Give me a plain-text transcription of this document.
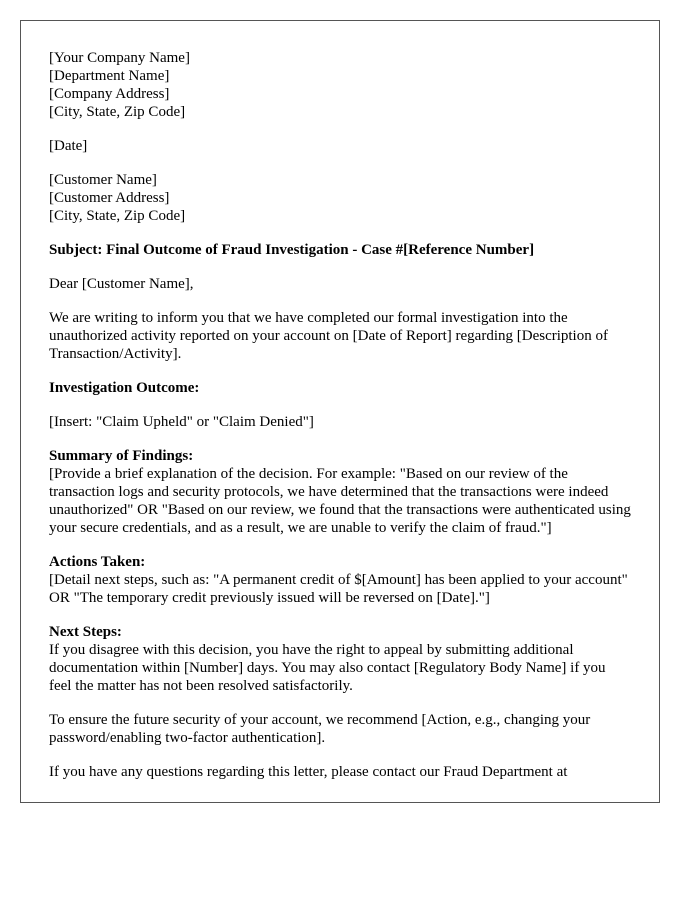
[Your Company Name]
[Department Name]
[Company Address]
[City, State, Zip Code]
[Date]
[Customer Name]
[Customer Address]
[City, State, Zip Code]
Subject: Final Outcome of Fraud Investigation - Case #[Reference Number]

Dear [Customer Name],

We are writing to inform you that we have completed our formal investigation into the unauthorized activity reported on your account on [Date of Report] regarding [Description of Transaction/Activity].

Investigation Outcome:

[Insert: "Claim Upheld" or "Claim Denied"]

Summary of Findings:
[Provide a brief explanation of the decision. For example: "Based on our review of the transaction logs and security protocols, we have determined that the transactions were indeed unauthorized" OR "Based on our review, we found that the transactions were authenticated using your secure credentials, and as a result, we are unable to verify the claim of fraud."]
Actions Taken:
[Detail next steps, such as: "A permanent credit of $[Amount] has been applied to your account" OR "The temporary credit previously issued will be reversed on [Date]."]
Next Steps:
If you disagree with this decision, you have the right to appeal by submitting additional documentation within [Number] days. You may also contact [Regulatory Body Name] if you feel the matter has not been resolved satisfactorily.

To ensure the future security of your account, we recommend [Action, e.g., changing your password/enabling two-factor authentication].

If you have any questions regarding this letter, please contact our Fraud Department at
